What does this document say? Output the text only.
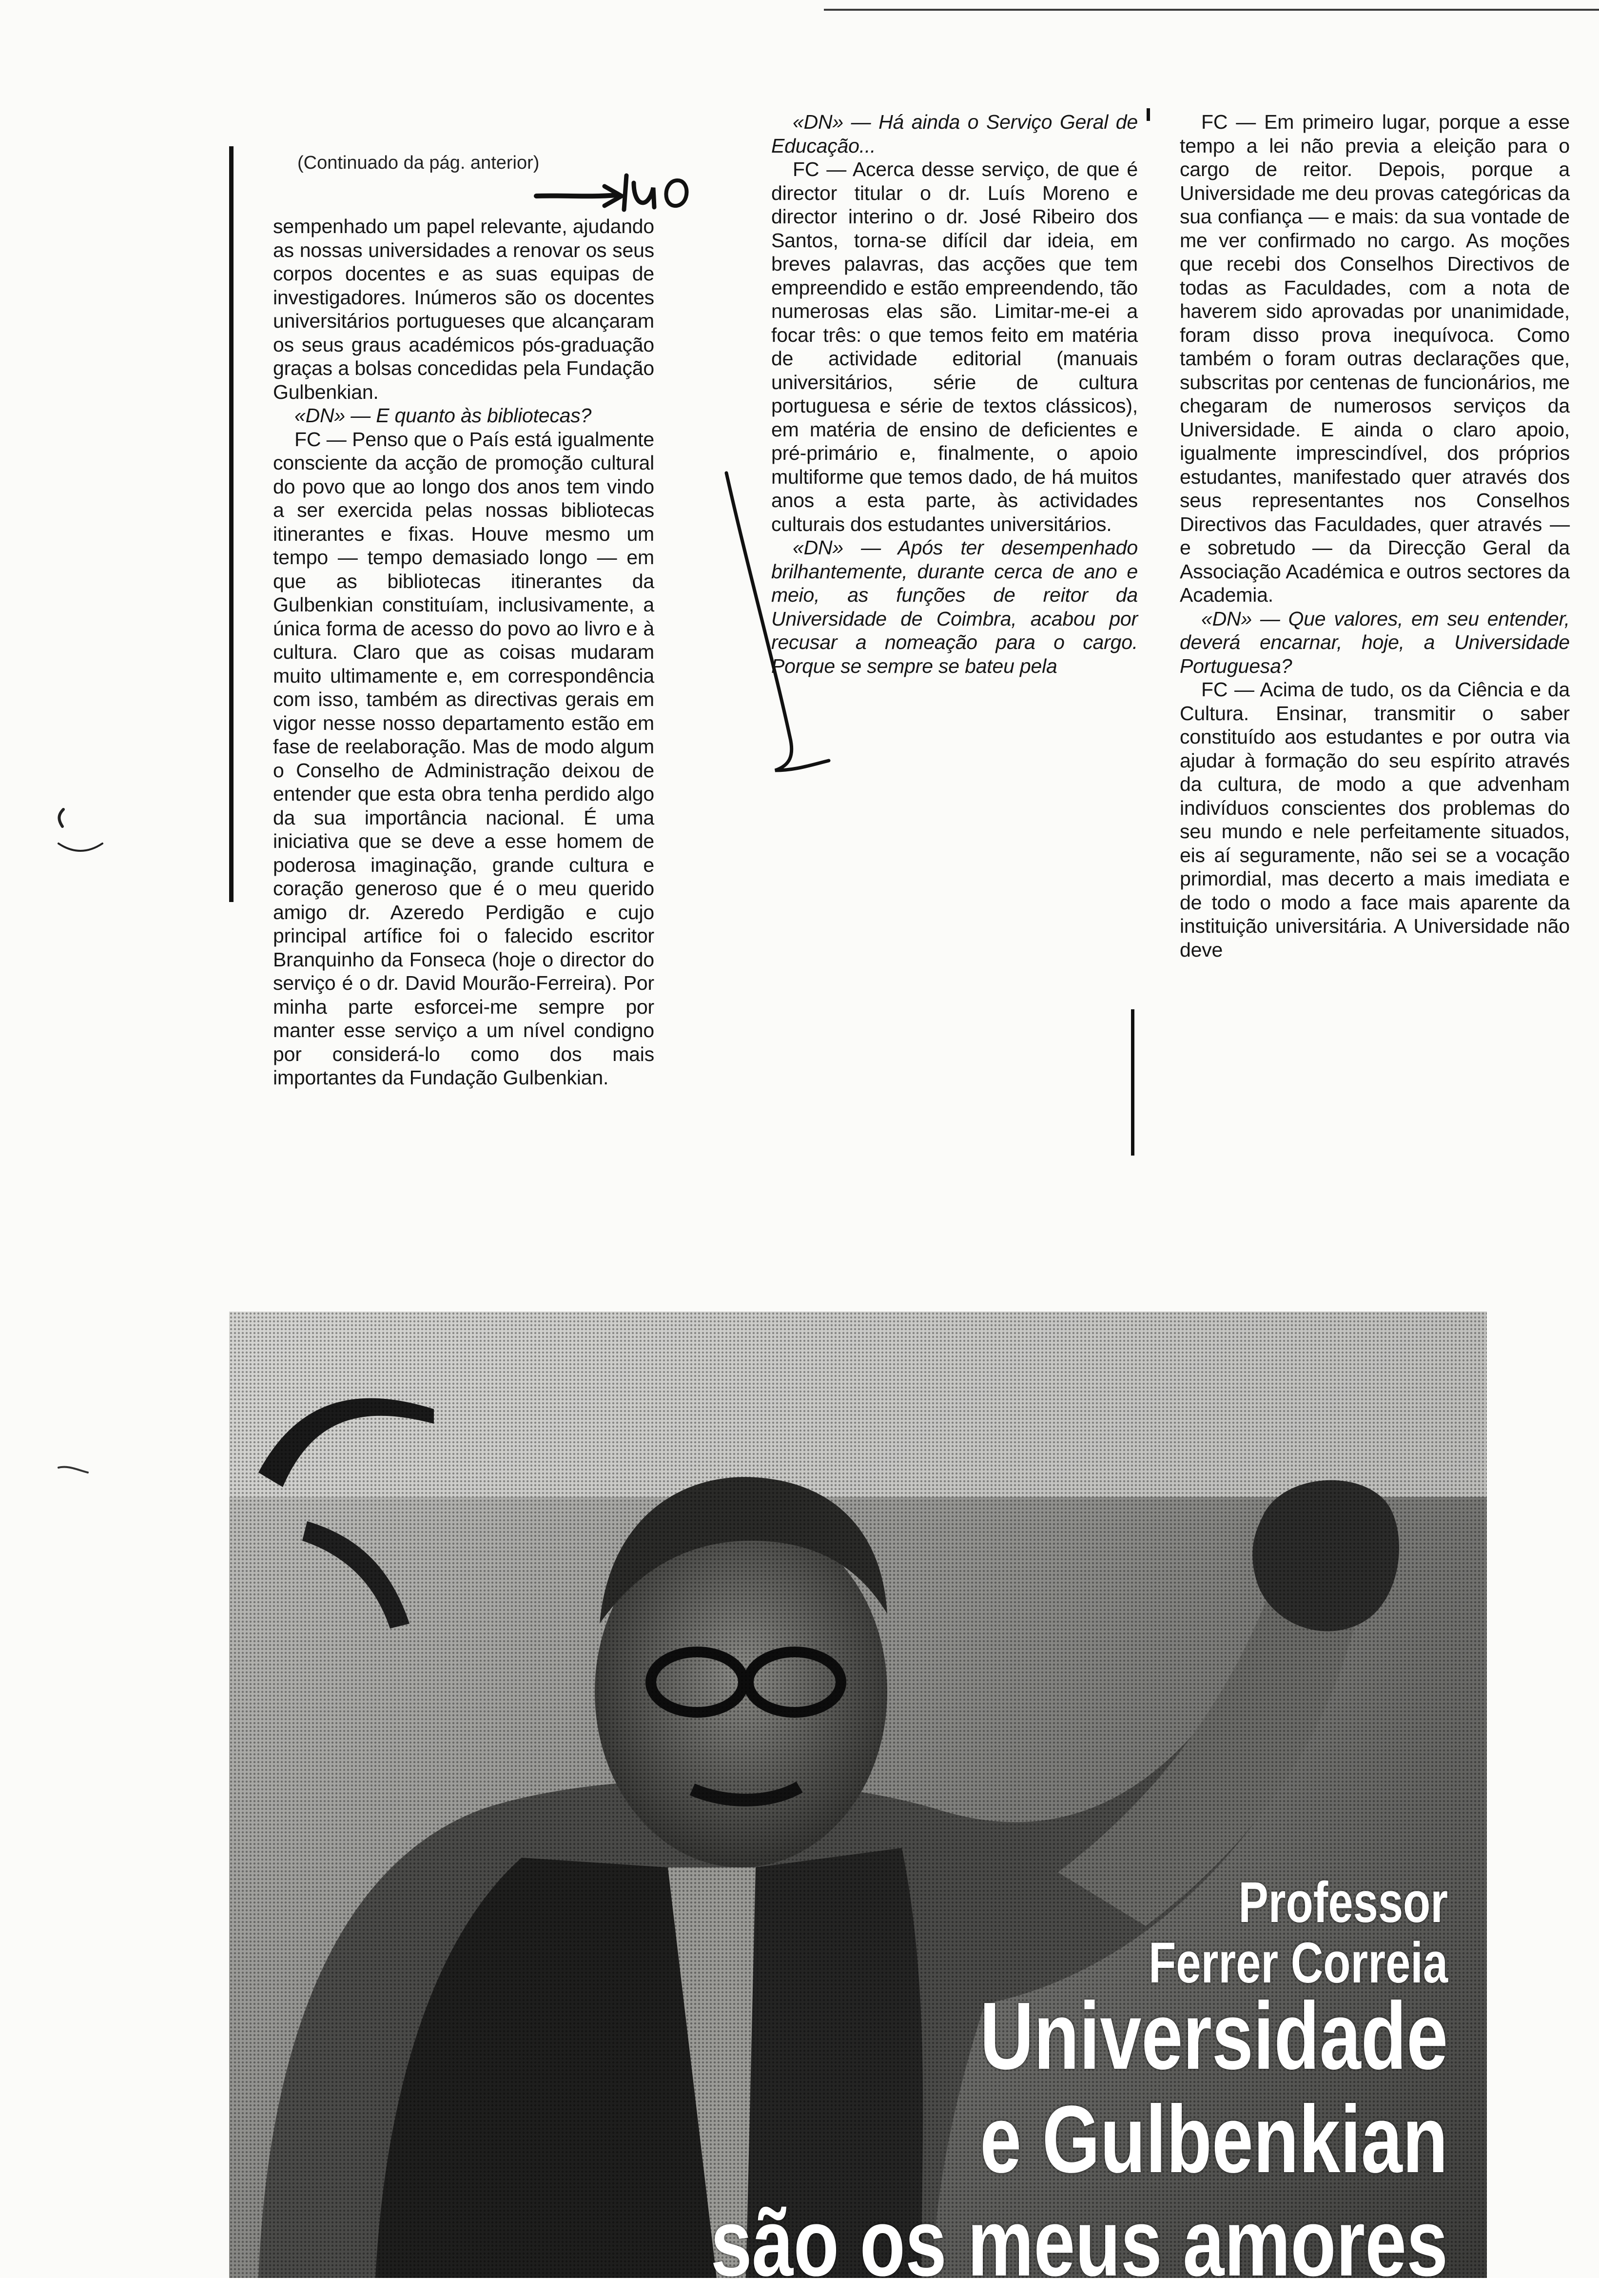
(Continuado da pág. anterior)

sempenhado um papel relevante, ajudando as nossas universidades a renovar os seus corpos docentes e as suas equipas de investigadores. Inúmeros são os docentes universitários portugueses que alcançaram os seus graus académicos pós-graduação graças a bolsas concedidas pela Fundação Gulbenkian.

«DN» — E quanto às bibliotecas?

FC — Penso que o País está igualmente consciente da acção de promoção cultural do povo que ao longo dos anos tem vindo a ser exercida pelas nossas bibliotecas itinerantes e fixas. Houve mesmo um tempo — tempo demasiado longo — em que as bibliotecas itinerantes da Gulbenkian constituíam, inclusivamente, a única forma de acesso do povo ao livro e à cultura. Claro que as coisas mudaram muito ultimamente e, em correspondência com isso, também as directivas gerais em vigor nesse nosso departamento estão em fase de reelaboração. Mas de modo algum o Conselho de Administração deixou de entender que esta obra tenha perdido algo da sua importância nacional. É uma iniciativa que se deve a esse homem de poderosa imaginação, grande cultura e coração generoso que é o meu querido amigo dr. Azeredo Perdigão e cujo principal artífice foi o falecido escritor Branquinho da Fonseca (hoje o director do serviço é o dr. David Mourão-Ferreira). Por minha parte esforcei-me sempre por manter esse serviço a um nível condigno por considerá-lo como dos mais importantes da Fundação Gulbenkian.

«DN» — Há ainda o Serviço Geral de Educação...

FC — Acerca desse serviço, de que é director titular o dr. Luís Moreno e director interino o dr. José Ribeiro dos Santos, torna-se difícil dar ideia, em breves palavras, das acções que tem empreendido e estão empreendendo, tão numerosas elas são. Limitar-me-ei a focar três: o que temos feito em matéria de actividade editorial (manuais universitários, série de cultura portuguesa e série de textos clássicos), em matéria de ensino de deficientes e pré-primário e, finalmente, o apoio multiforme que temos dado, de há muitos anos a esta parte, às actividades culturais dos estudantes universitários.

«DN» — Após ter desempenhado brilhantemente, durante cerca de ano e meio, as funções de reitor da Universidade de Coimbra, acabou por recusar a nomeação para o cargo. Porque se sempre se bateu pela

FC — Em primeiro lugar, porque a esse tempo a lei não previa a eleição para o cargo de reitor. Depois, porque a Universidade me deu provas categóricas da sua confiança — e mais: da sua vontade de me ver confirmado no cargo. As moções que recebi dos Conselhos Directivos de todas as Faculdades, com a nota de haverem sido aprovadas por unanimidade, foram disso prova inequívoca. Como também o foram outras declarações que, subscritas por centenas de funcionários, me chegaram de numerosos serviços da Universidade. E ainda o claro apoio, igualmente imprescindível, dos próprios estudantes, manifestado quer através dos seus representantes nos Conselhos Directivos das Faculdades, quer através — e sobretudo — da Direcção Geral da Associação Académica e outros sectores da Academia.

«DN» — Que valores, em seu entender, deverá encarnar, hoje, a Universidade Portuguesa?

FC — Acima de tudo, os da Ciência e da Cultura. Ensinar, transmitir o saber constituído aos estudantes e por outra via ajudar à formação do seu espírito através da cultura, de modo a que advenham indivíduos conscientes dos problemas do seu mundo e nele perfeitamente situados, eis aí seguramente, não sei se a vocação primordial, mas decerto a mais imediata e de todo o modo a face mais aparente da instituição universitária. A Universidade não deve

Professor
Ferrer Correia
Universidade
e Gulbenkian
são os meus amores
